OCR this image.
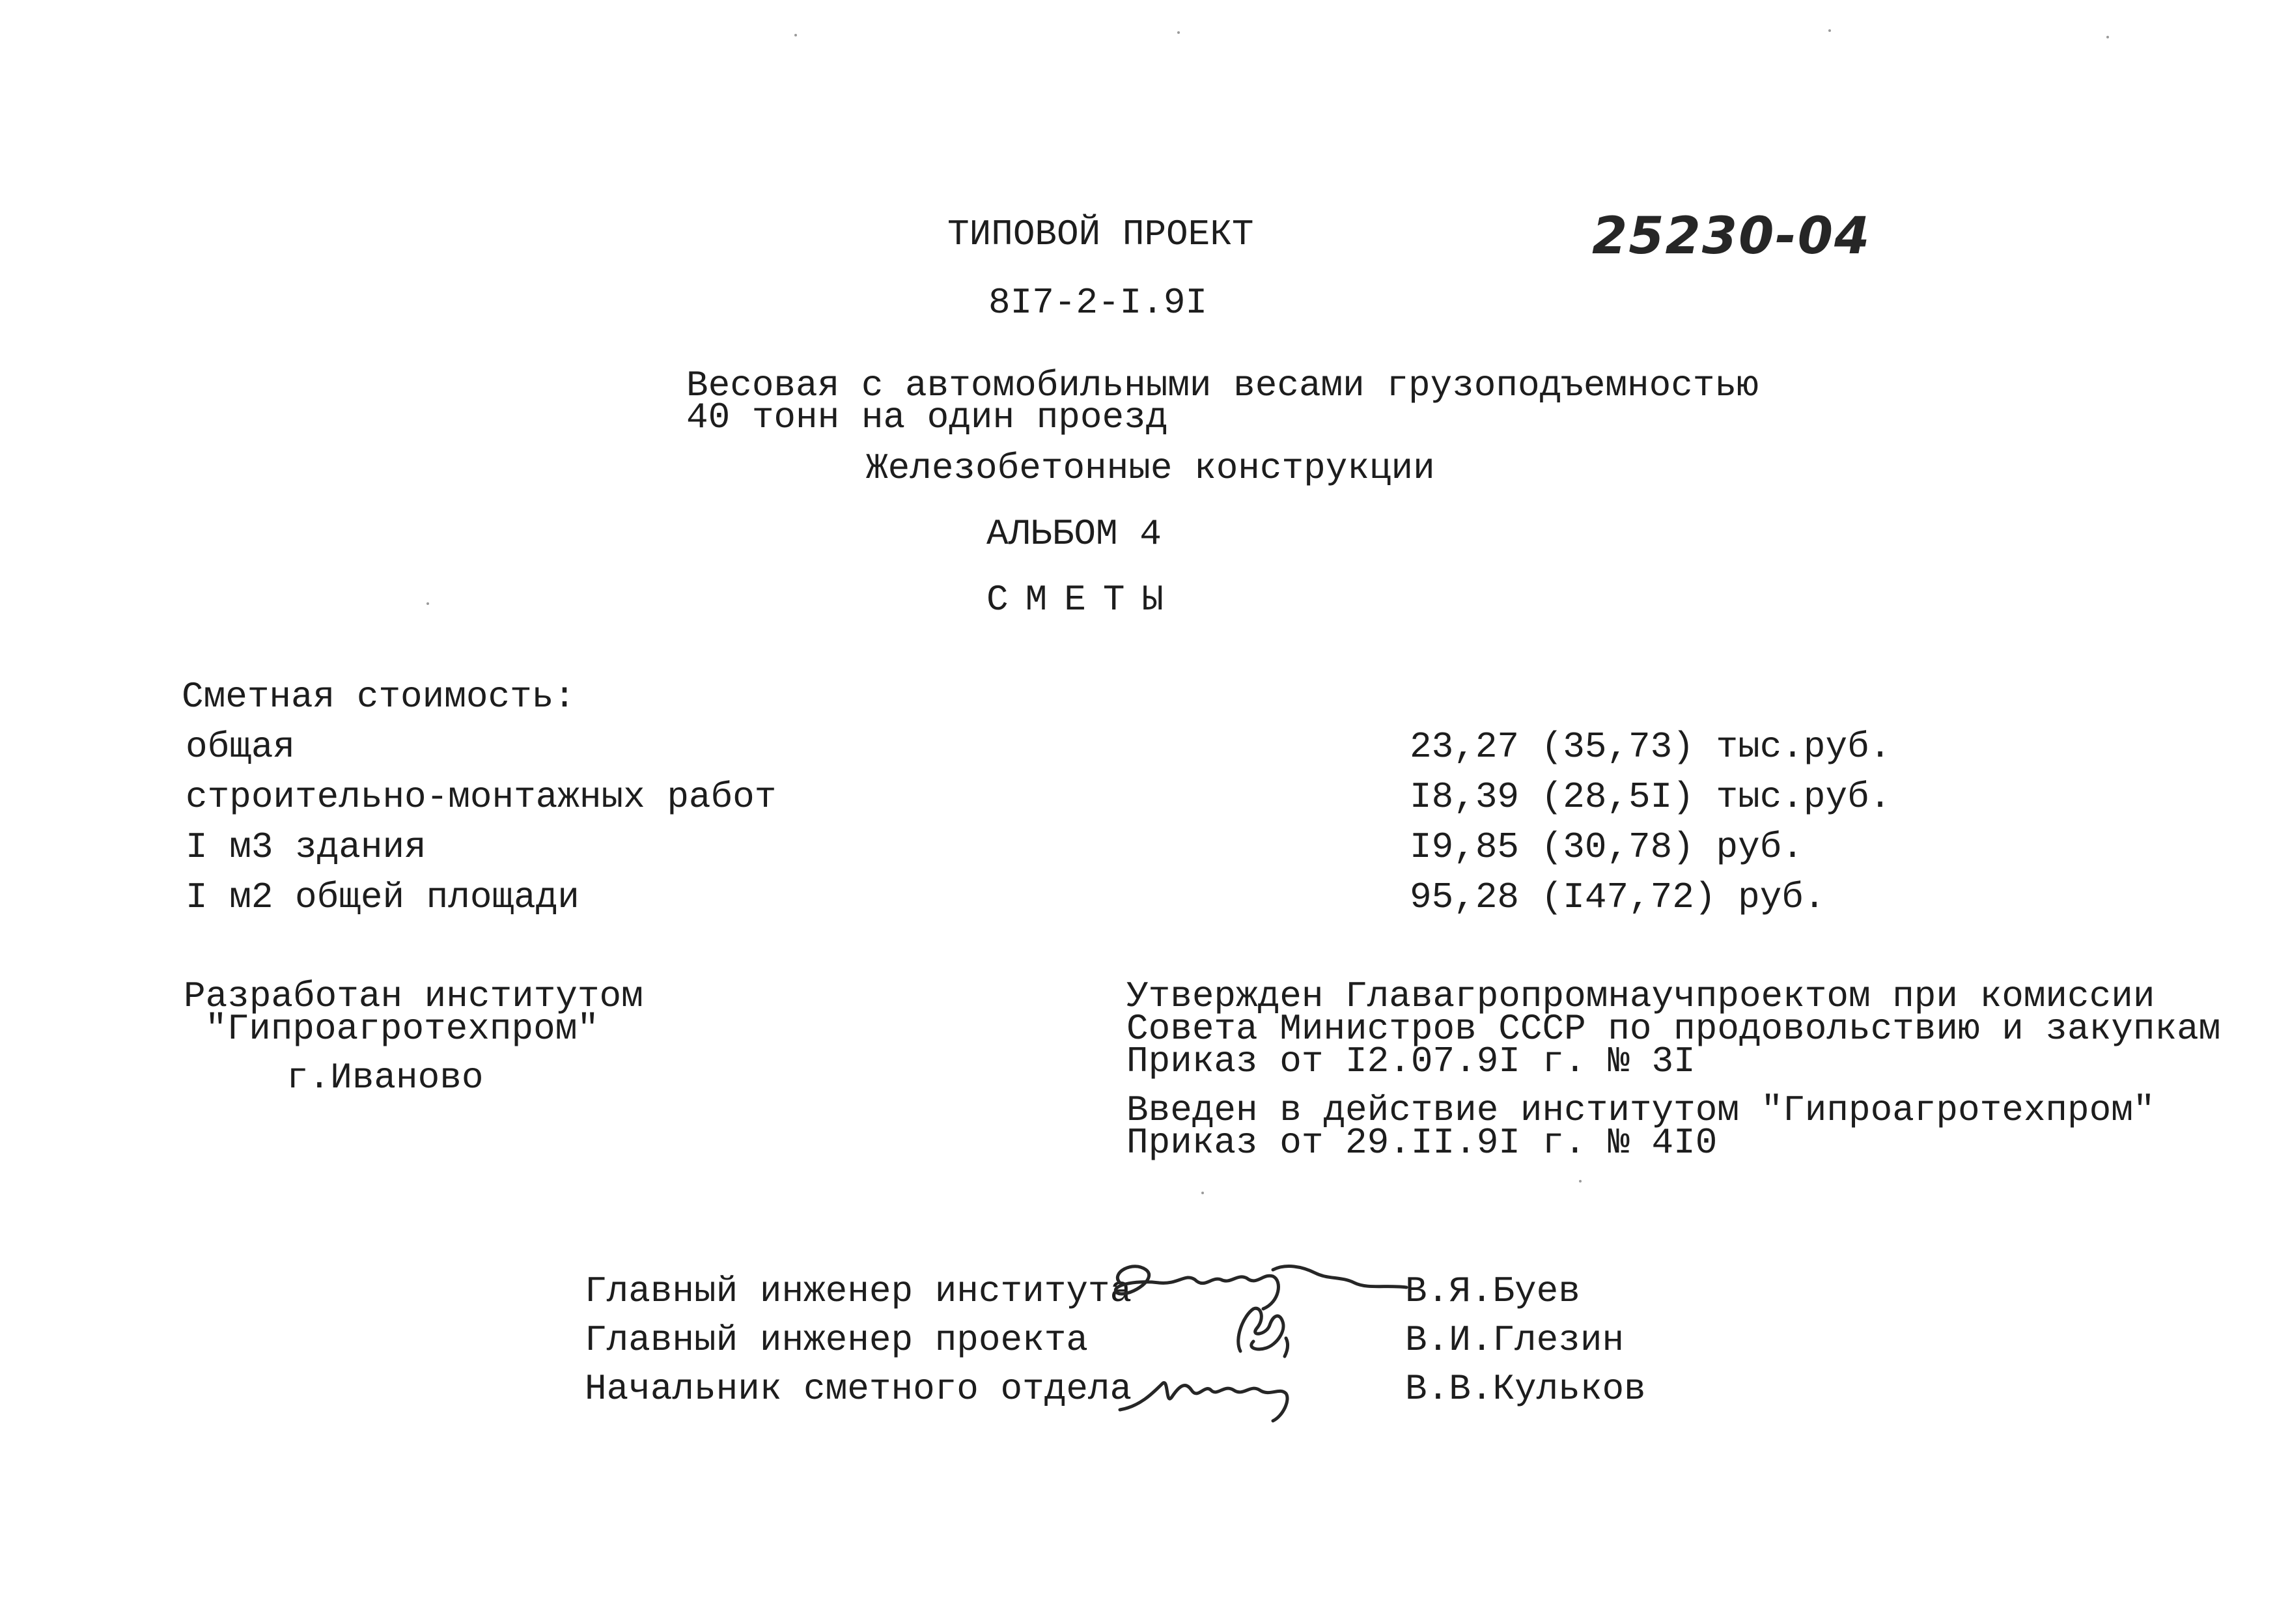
ТИПОВОЙ ПРОЕКТ	25230-04
8I7-2-I.9I
Весовая с автомобильными весами грузоподъемностью
40 тонн на один проезд
Железобетонные конструкции
АЛЬБОМ 4
СМЕТЫ
Сметная стоимость:
общая	23,27 (35,73) тыс.руб.
строительно-монтажных работ	I8,39 (28,5I) тыс.руб.
I м3 здания	I9,85 (30,78) руб.
I м2 общей площади	95,28 (I47,72) руб.
Разработан институтом
"Гипроагротехпром"
г.Иваново
Утвержден Главагропромнаучпроектом при комиссии
Совета Министров СССР по продовольствию и закупкам
Приказ от I2.07.9I г. № 3I
Введен в действие институтом "Гипроагротехпром"
Приказ от 29.II.9I г. № 4I0
Главный инженер института	В.Я.Буев
Главный инженер проекта	В.И.Глезин
Начальник сметного отдела	В.В.Кульков
